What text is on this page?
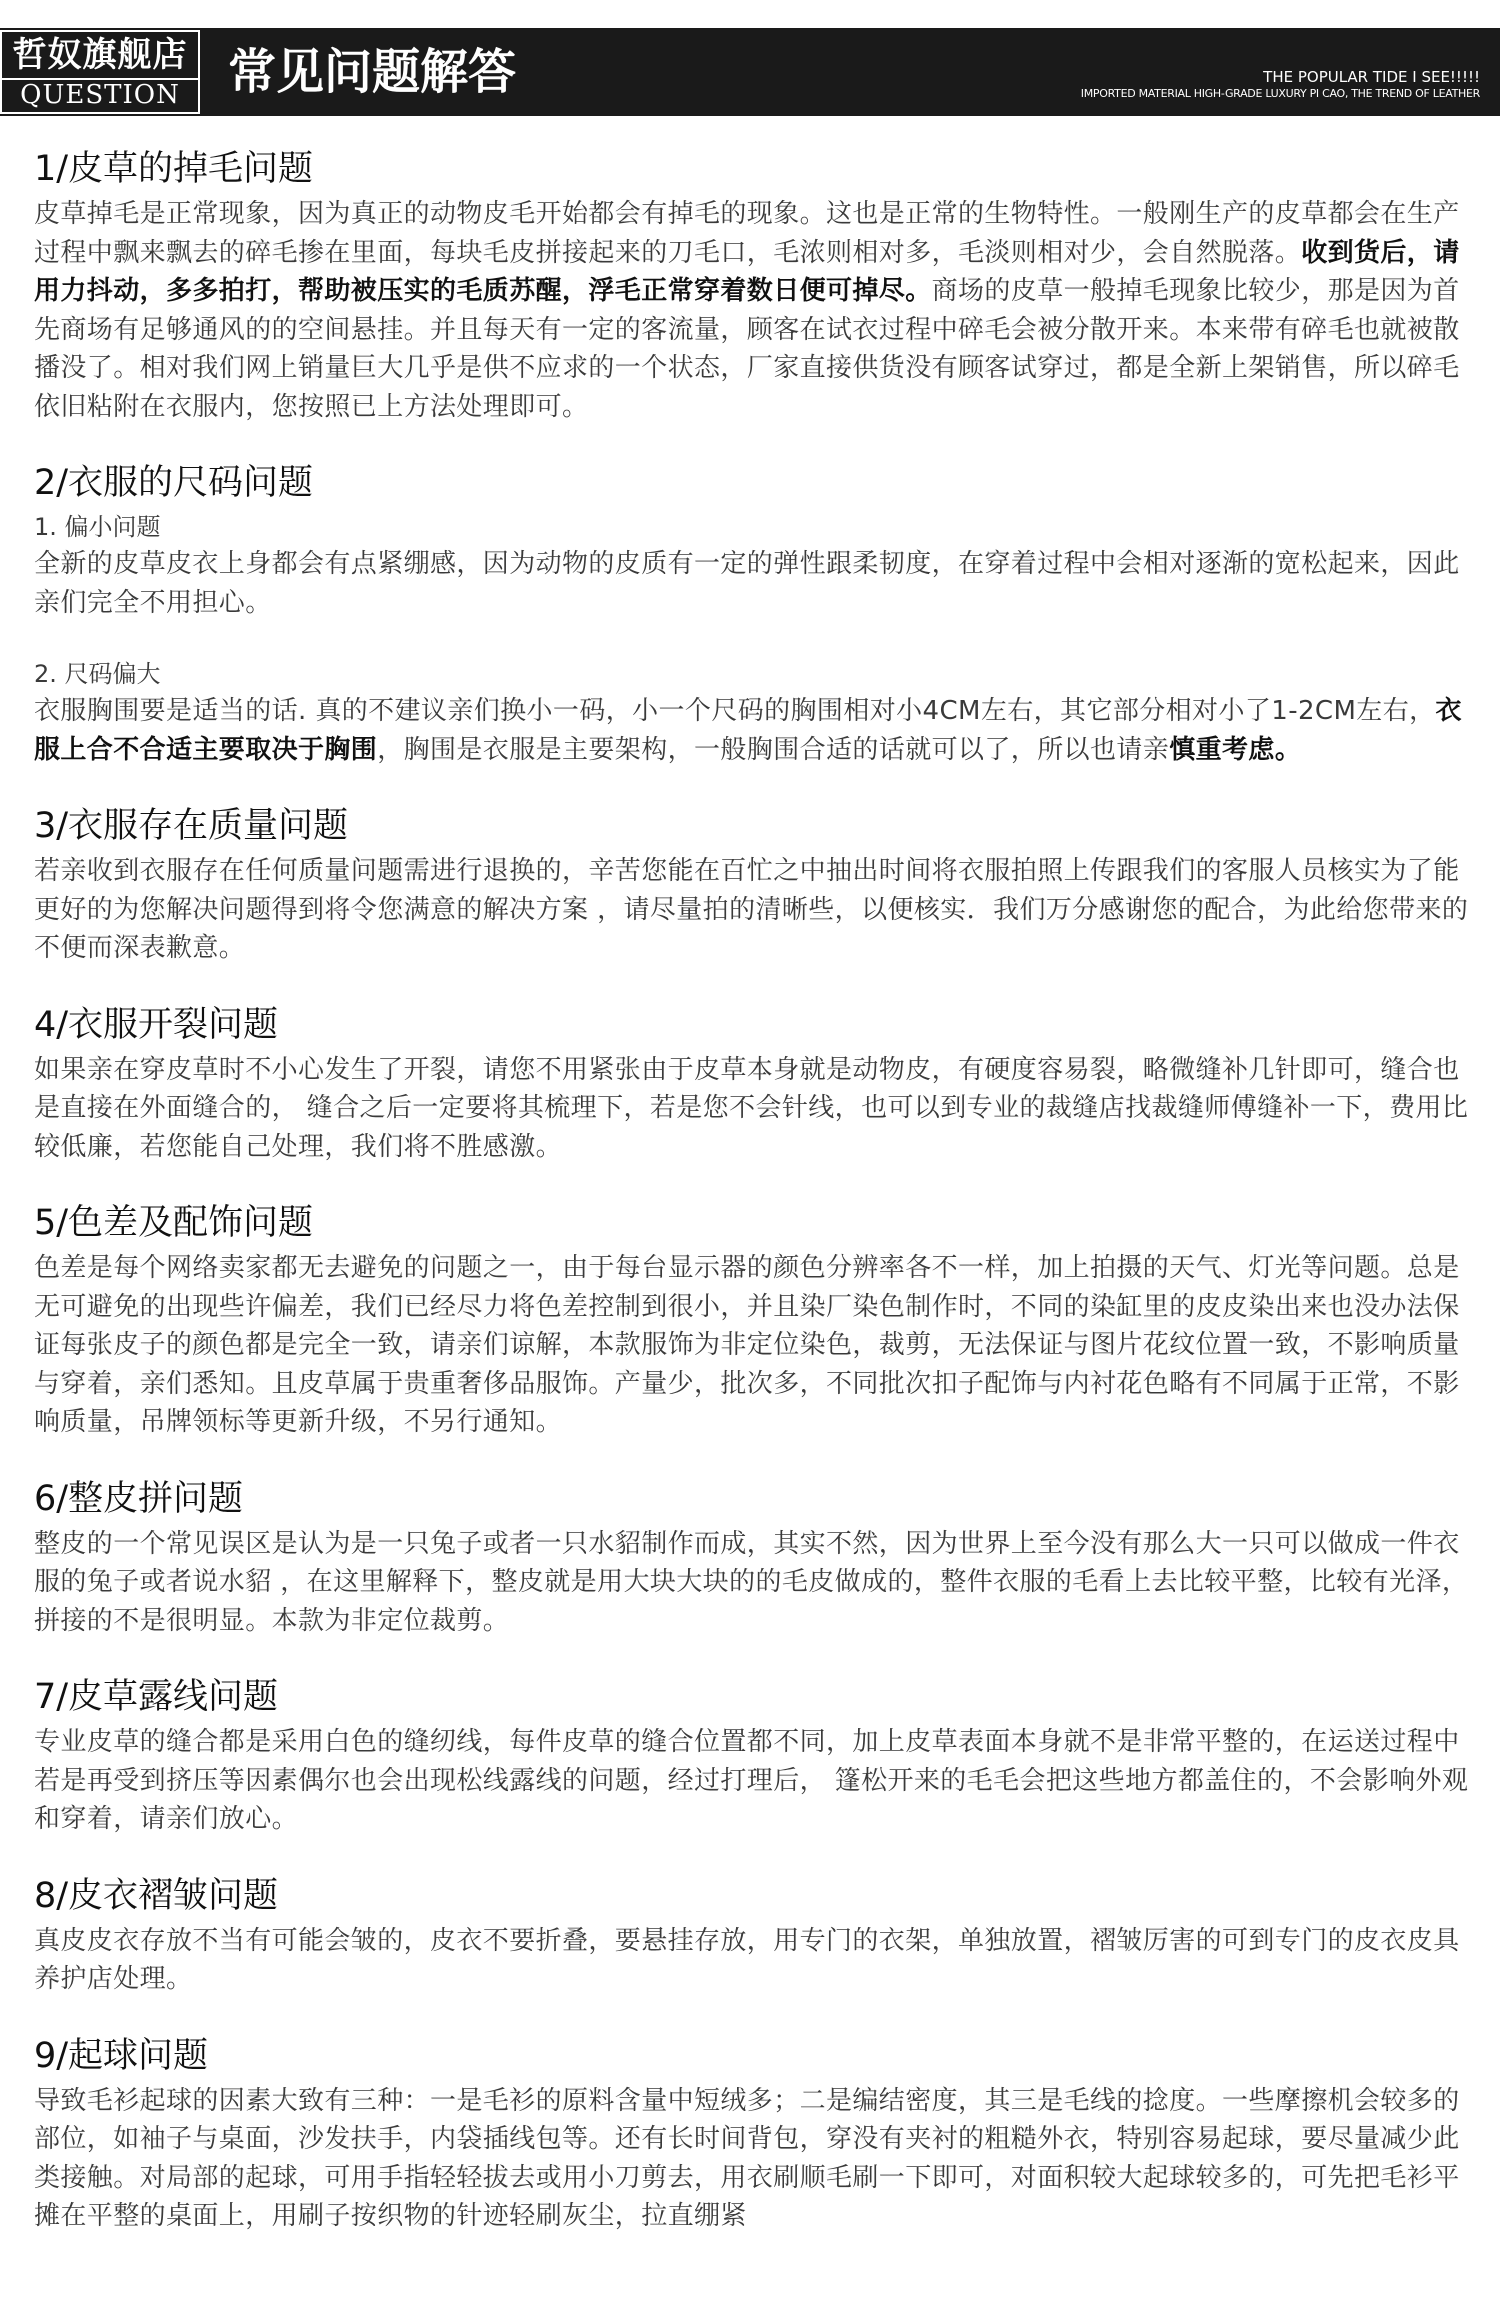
哲奴旗舰店
QUESTION	常见问题解答	THE POPULAR TIDE I SEE!!!!!
IMPORTED MATERIAL HIGH-GRADE LUXURY PI CAO, THE TREND OF LEATHER
1/皮草的掉毛问题

皮草掉毛是正常现象，因为真正的动物皮毛开始都会有掉毛的现象。这也是正常的生物特性。一般刚生产的皮草都会在生产过程中飘来飘去的碎毛掺在里面，每块毛皮拼接起来的刀毛口，毛浓则相对多，毛淡则相对少，会自然脱落。收到货后，请用力抖动，多多拍打，帮助被压实的毛质苏醒，浮毛正常穿着数日便可掉尽。商场的皮草一般掉毛现象比较少，那是因为首先商场有足够通风的的空间悬挂。并且每天有一定的客流量，顾客在试衣过程中碎毛会被分散开来。本来带有碎毛也就被散播没了。相对我们网上销量巨大几乎是供不应求的一个状态，厂家直接供货没有顾客试穿过，都是全新上架销售，所以碎毛依旧粘附在衣服内，您按照已上方法处理即可。

2/衣服的尺码问题

1. 偏小问题

全新的皮草皮衣上身都会有点紧绷感，因为动物的皮质有一定的弹性跟柔韧度，在穿着过程中会相对逐渐的宽松起来，因此亲们完全不用担心。

2. 尺码偏大

衣服胸围要是适当的话. 真的不建议亲们换小一码，小一个尺码的胸围相对小4CM左右，其它部分相对小了1-2CM左右，衣服上合不合适主要取决于胸围，胸围是衣服是主要架构，一般胸围合适的话就可以了，所以也请亲慎重考虑。

3/衣服存在质量问题

若亲收到衣服存在任何质量问题需进行退换的，辛苦您能在百忙之中抽出时间将衣服拍照上传跟我们的客服人员核实为了能更好的为您解决问题得到将令您满意的解决方案 ，请尽量拍的清晰些，以便核实．我们万分感谢您的配合，为此给您带来的不便而深表歉意。

4/衣服开裂问题

如果亲在穿皮草时不小心发生了开裂，请您不用紧张由于皮草本身就是动物皮，有硬度容易裂，略微缝补几针即可，缝合也是直接在外面缝合的， 缝合之后一定要将其梳理下，若是您不会针线，也可以到专业的裁缝店找裁缝师傅缝补一下，费用比较低廉，若您能自己处理，我们将不胜感激。

5/色差及配饰问题

色差是每个网络卖家都无去避免的问题之一，由于每台显示器的颜色分辨率各不一样，加上拍摄的天气、灯光等问题。总是无可避免的出现些许偏差，我们已经尽力将色差控制到很小，并且染厂染色制作时，不同的染缸里的皮皮染出来也没办法保证每张皮子的颜色都是完全一致，请亲们谅解，本款服饰为非定位染色，裁剪，无法保证与图片花纹位置一致，不影响质量与穿着，亲们悉知。且皮草属于贵重奢侈品服饰。产量少，批次多，不同批次扣子配饰与内衬花色略有不同属于正常，不影响质量，吊牌领标等更新升级，不另行通知。

6/整皮拼问题

整皮的一个常见误区是认为是一只兔子或者一只水貂制作而成，其实不然，因为世界上至今没有那么大一只可以做成一件衣服的兔子或者说水貂 ，在这里解释下，整皮就是用大块大块的的毛皮做成的，整件衣服的毛看上去比较平整，比较有光泽，拼接的不是很明显。本款为非定位裁剪。

7/皮草露线问题

专业皮草的缝合都是采用白色的缝纫线，每件皮草的缝合位置都不同，加上皮草表面本身就不是非常平整的，在运送过程中若是再受到挤压等因素偶尔也会出现松线露线的问题，经过打理后， 篷松开来的毛毛会把这些地方都盖住的，不会影响外观和穿着，请亲们放心。

8/皮衣褶皱问题

真皮皮衣存放不当有可能会皱的，皮衣不要折叠，要悬挂存放，用专门的衣架，单独放置，褶皱厉害的可到专门的皮衣皮具养护店处理。

9/起球问题

导致毛衫起球的因素大致有三种：一是毛衫的原料含量中短绒多；二是编结密度，其三是毛线的捻度。一些摩擦机会较多的部位，如袖子与桌面，沙发扶手，内袋插线包等。还有长时间背包，穿没有夹衬的粗糙外衣，特别容易起球，要尽量减少此类接触。对局部的起球，可用手指轻轻拔去或用小刀剪去，用衣刷顺毛刷一下即可，对面积较大起球较多的，可先把毛衫平摊在平整的桌面上，用刷子按织物的针迹轻刷灰尘，拉直绷紧
